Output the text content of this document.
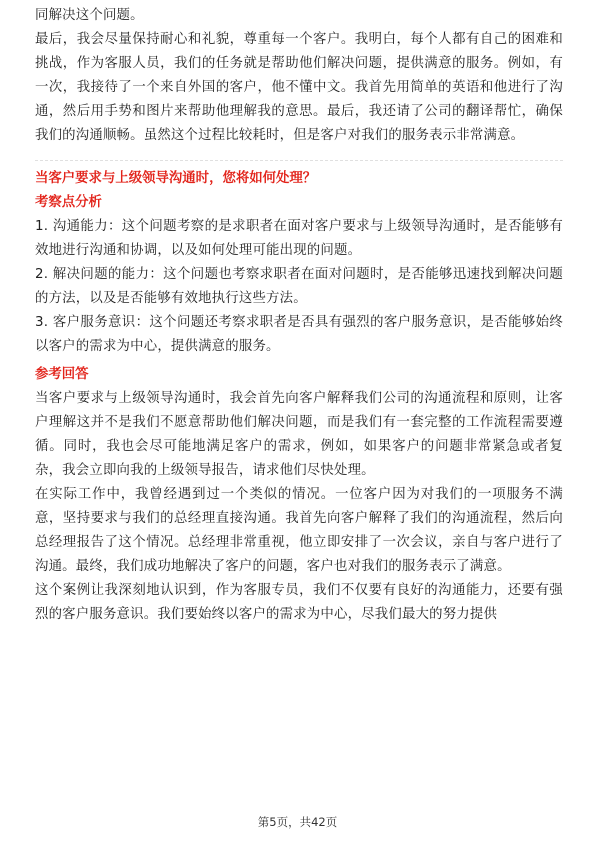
同解决这个问题。

最后，我会尽量保持耐心和礼貌，尊重每一个客户。我明白，每个人都有自己的困难和挑战，作为客服人员，我们的任务就是帮助他们解决问题，提供满意的服务。例如，有一次，我接待了一个来自外国的客户，他不懂中文。我首先用简单的英语和他进行了沟通，然后用手势和图片来帮助他理解我的意思。最后，我还请了公司的翻译帮忙，确保我们的沟通顺畅。虽然这个过程比较耗时，但是客户对我们的服务表示非常满意。

当客户要求与上级领导沟通时，您将如何处理？

考察点分析

1. 沟通能力：这个问题考察的是求职者在面对客户要求与上级领导沟通时，是否能够有效地进行沟通和协调，以及如何处理可能出现的问题。

2. 解决问题的能力：这个问题也考察求职者在面对问题时，是否能够迅速找到解决问题的方法，以及是否能够有效地执行这些方法。

3. 客户服务意识：这个问题还考察求职者是否具有强烈的客户服务意识，是否能够始终以客户的需求为中心，提供满意的服务。

参考回答

当客户要求与上级领导沟通时，我会首先向客户解释我们公司的沟通流程和原则，让客户理解这并不是我们不愿意帮助他们解决问题，而是我们有一套完整的工作流程需要遵循。同时，我也会尽可能地满足客户的需求，例如，如果客户的问题非常紧急或者复杂，我会立即向我的上级领导报告，请求他们尽快处理。

在实际工作中，我曾经遇到过一个类似的情况。一位客户因为对我们的一项服务不满意，坚持要求与我们的总经理直接沟通。我首先向客户解释了我们的沟通流程，然后向总经理报告了这个情况。总经理非常重视，他立即安排了一次会议，亲自与客户进行了沟通。最终，我们成功地解决了客户的问题，客户也对我们的服务表示了满意。

这个案例让我深刻地认识到，作为客服专员，我们不仅要有良好的沟通能力，还要有强烈的客户服务意识。我们要始终以客户的需求为中心，尽我们最大的努力提供

第5页，共42页
